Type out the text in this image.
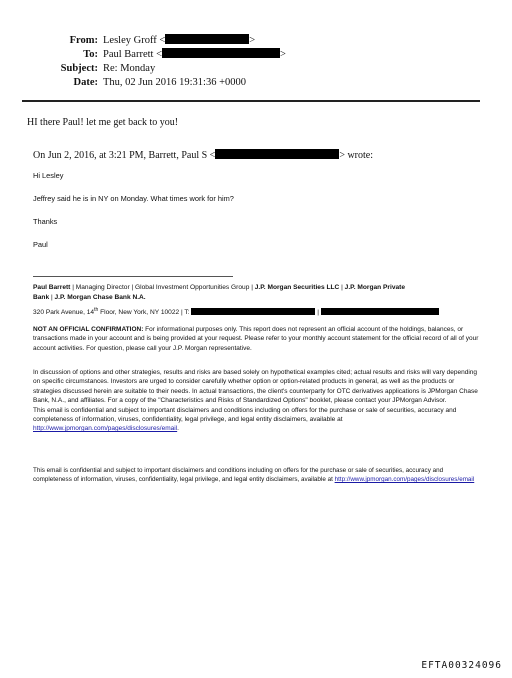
From: Lesley Groff <	>
To: Paul Barrett <	>
Subject: Re: Monday
Date: Thu, 02 Jun 2016 19:31:36 +0000
HI there Paul! let me get back to you!
On Jun 2, 2016, at 3:21 PM, Barrett, Paul S <	> wrote:
Hi Lesley
Jeffrey said he is in NY on Monday. What times work for him?
Thanks
Paul
Paul Barrett | Managing Director | Global Investment Opportunities Group | J.P. Morgan Securities LLC | J.P. Morgan Private
Bank | J.P. Morgan Chase Bank N.A.
320 Park Avenue, 14th Floor, New York, NY 10022 | T:	|
NOT AN OFFICIAL CONFIRMATION: For informational purposes only. This report does not represent an official account of the holdings, balances, or transactions made in your account and is being provided at your request. Please refer to your monthly account statement for the official record of all of your account activities. For question, please call your J.P. Morgan representative.
In discussion of options and other strategies, results and risks are based solely on hypothetical examples cited; actual results and risks will vary depending on specific circumstances. Investors are urged to consider carefully whether option or option-related products in general, as well as the products or strategies discussed herein are suitable to their needs. In actual transactions, the client's counterparty for OTC derivatives applications is JPMorgan Chase Bank, N.A., and affiliates. For a copy of the "Characteristics and Risks of Standardized Options" booklet, please contact your JPMorgan Advisor.
This email is confidential and subject to important disclaimers and conditions including on offers for the purchase or sale of securities, accuracy and completeness of information, viruses, confidentiality, legal privilege, and legal entity disclaimers, available at http://www.jpmorgan.com/pages/disclosures/email.
This email is confidential and subject to important disclaimers and conditions including on offers for the purchase or sale of securities, accuracy and completeness of information, viruses, confidentiality, legal privilege, and legal entity disclaimers, available at http://www.jpmorgan.com/pages/disclosures/email
EFTA00324096
